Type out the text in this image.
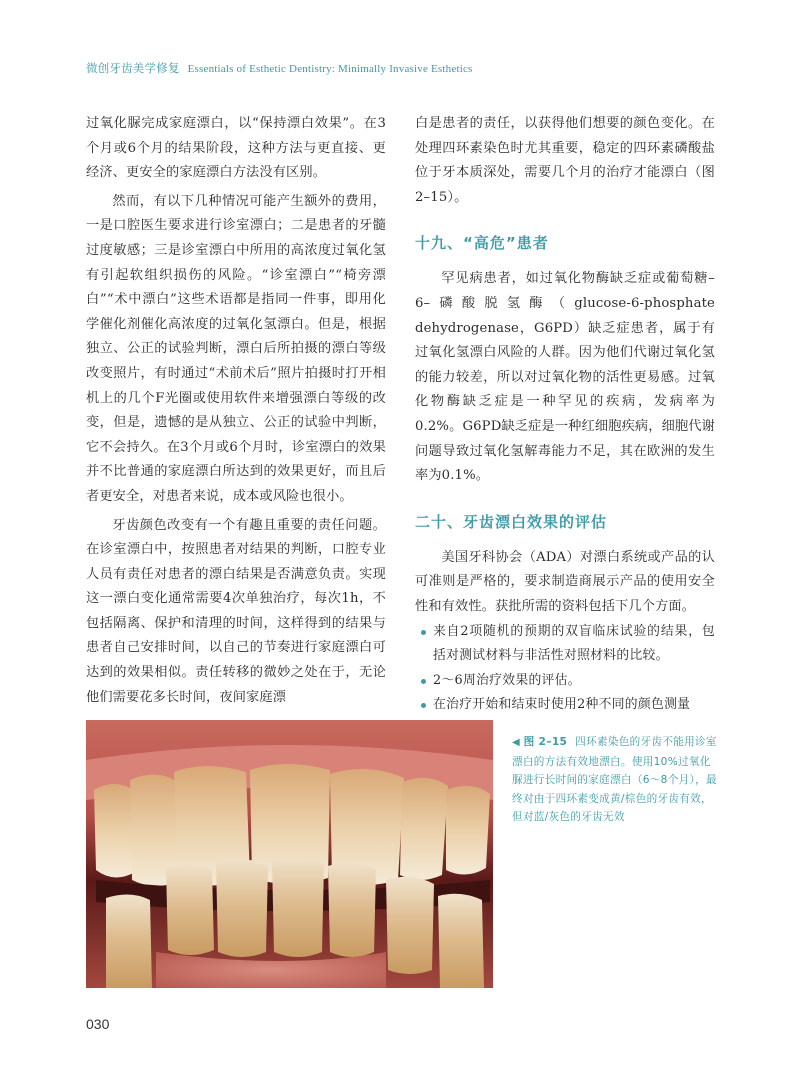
微创牙齿美学修复 Essentials of Esthetic Dentistry: Minimally Invasive Esthetics

过氧化脲完成家庭漂白，以“保持漂白效果”。在3个月或6个月的结果阶段，这种方法与更直接、更经济、更安全的家庭漂白方法没有区别。

然而，有以下几种情况可能产生额外的费用，一是口腔医生要求进行诊室漂白；二是患者的牙髓过度敏感；三是诊室漂白中所用的高浓度过氧化氢有引起软组织损伤的风险。“诊室漂白”“椅旁漂白”“术中漂白”这些术语都是指同一件事，即用化学催化剂催化高浓度的过氧化氢漂白。但是，根据独立、公正的试验判断，漂白后所拍摄的漂白等级改变照片，有时通过“术前术后”照片拍摄时打开相机上的几个F光圈或使用软件来增强漂白等级的改变，但是，遗憾的是从独立、公正的试验中判断，它不会持久。在3个月或6个月时，诊室漂白的效果并不比普通的家庭漂白所达到的效果更好，而且后者更安全，对患者来说，成本或风险也很小。

牙齿颜色改变有一个有趣且重要的责任问题。在诊室漂白中，按照患者对结果的判断，口腔专业人员有责任对患者的漂白结果是否满意负责。实现这一漂白变化通常需要4次单独治疗，每次1h，不包括隔离、保护和清理的时间，这样得到的结果与患者自己安排时间，以自己的节奏进行家庭漂白可达到的效果相似。责任转移的微妙之处在于，无论他们需要花多长时间，夜间家庭漂

白是患者的责任，以获得他们想要的颜色变化。在处理四环素染色时尤其重要，稳定的四环素磷酸盐位于牙本质深处，需要几个月的治疗才能漂白（图2–15）。

十九、“高危”患者

罕见病患者，如过氧化物酶缺乏症或葡萄糖–6–磷酸脱氢酶（glucose-6-phosphate dehydrogenase，G6PD）缺乏症患者，属于有过氧化氢漂白风险的人群。因为他们代谢过氧化氢的能力较差，所以对过氧化物的活性更易感。过氧化物酶缺乏症是一种罕见的疾病，发病率为0.2%。G6PD缺乏症是一种红细胞疾病，细胞代谢问题导致过氧化氢解毒能力不足，其在欧洲的发生率为0.1%。

二十、牙齿漂白效果的评估

美国牙科协会（ADA）对漂白系统或产品的认可准则是严格的，要求制造商展示产品的使用安全性和有效性。获批所需的资料包括下几个方面。

来自2项随机的预期的双盲临床试验的结果，包括对测试材料与非活性对照材料的比较。

2～6周治疗效果的评估。

在治疗开始和结束时使用2种不同的颜色测量

◀ 图 2–15 四环素染色的牙齿不能用诊室漂白的方法有效地漂白。使用10%过氧化脲进行长时间的家庭漂白（6～8个月），最终对由于四环素变成黄/棕色的牙齿有效，但对蓝/灰色的牙齿无效
030
